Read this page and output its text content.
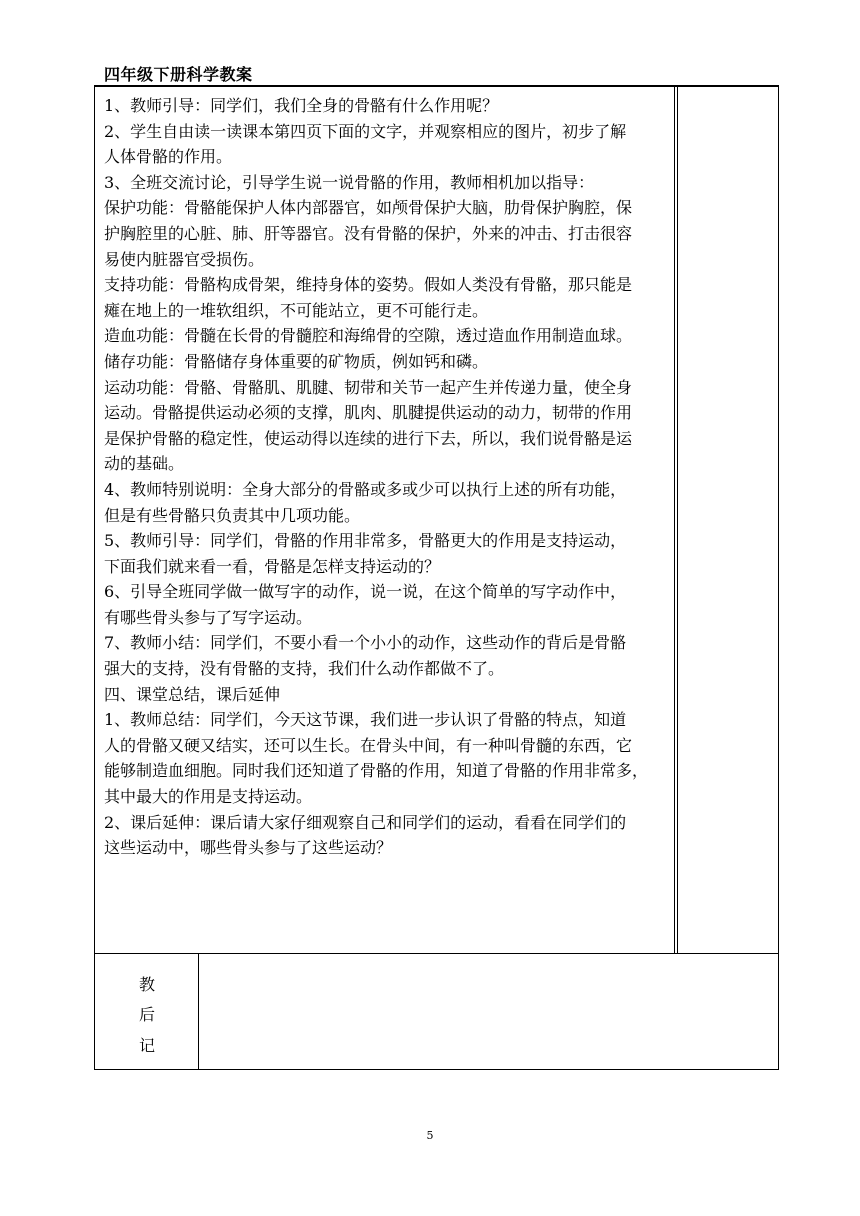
四年级下册科学教案

1、教师引导：同学们，我们全身的骨骼有什么作用呢？

2、学生自由读一读课本第四页下面的文字，并观察相应的图片，初步了解

人体骨骼的作用。

3、全班交流讨论，引导学生说一说骨骼的作用，教师相机加以指导：

保护功能：骨骼能保护人体内部器官，如颅骨保护大脑，肋骨保护胸腔，保

护胸腔里的心脏、肺、肝等器官。没有骨骼的保护，外来的冲击、打击很容

易使内脏器官受损伤。

支持功能：骨骼构成骨架，维持身体的姿势。假如人类没有骨骼，那只能是

瘫在地上的一堆软组织，不可能站立，更不可能行走。

造血功能：骨髓在长骨的骨髓腔和海绵骨的空隙，透过造血作用制造血球。

储存功能：骨骼储存身体重要的矿物质，例如钙和磷。

运动功能：骨骼、骨骼肌、肌腱、韧带和关节一起产生并传递力量，使全身

运动。骨骼提供运动必须的支撑，肌肉、肌腱提供运动的动力，韧带的作用

是保护骨骼的稳定性，使运动得以连续的进行下去，所以，我们说骨骼是运

动的基础。

4、教师特别说明：全身大部分的骨骼或多或少可以执行上述的所有功能，

但是有些骨骼只负责其中几项功能。

5、教师引导：同学们，骨骼的作用非常多，骨骼更大的作用是支持运动，

下面我们就来看一看，骨骼是怎样支持运动的？

6、引导全班同学做一做写字的动作，说一说，在这个简单的写字动作中，

有哪些骨头参与了写字运动。

7、教师小结：同学们，不要小看一个小小的动作，这些动作的背后是骨骼

强大的支持，没有骨骼的支持，我们什么动作都做不了。

四、课堂总结，课后延伸

1、教师总结：同学们，今天这节课，我们进一步认识了骨骼的特点，知道

人的骨骼又硬又结实，还可以生长。在骨头中间，有一种叫骨髓的东西，它

能够制造血细胞。同时我们还知道了骨骼的作用，知道了骨骼的作用非常多，

其中最大的作用是支持运动。

2、课后延伸：课后请大家仔细观察自己和同学们的运动，看看在同学们的

这些运动中，哪些骨头参与了这些运动？

教
后
记
5
